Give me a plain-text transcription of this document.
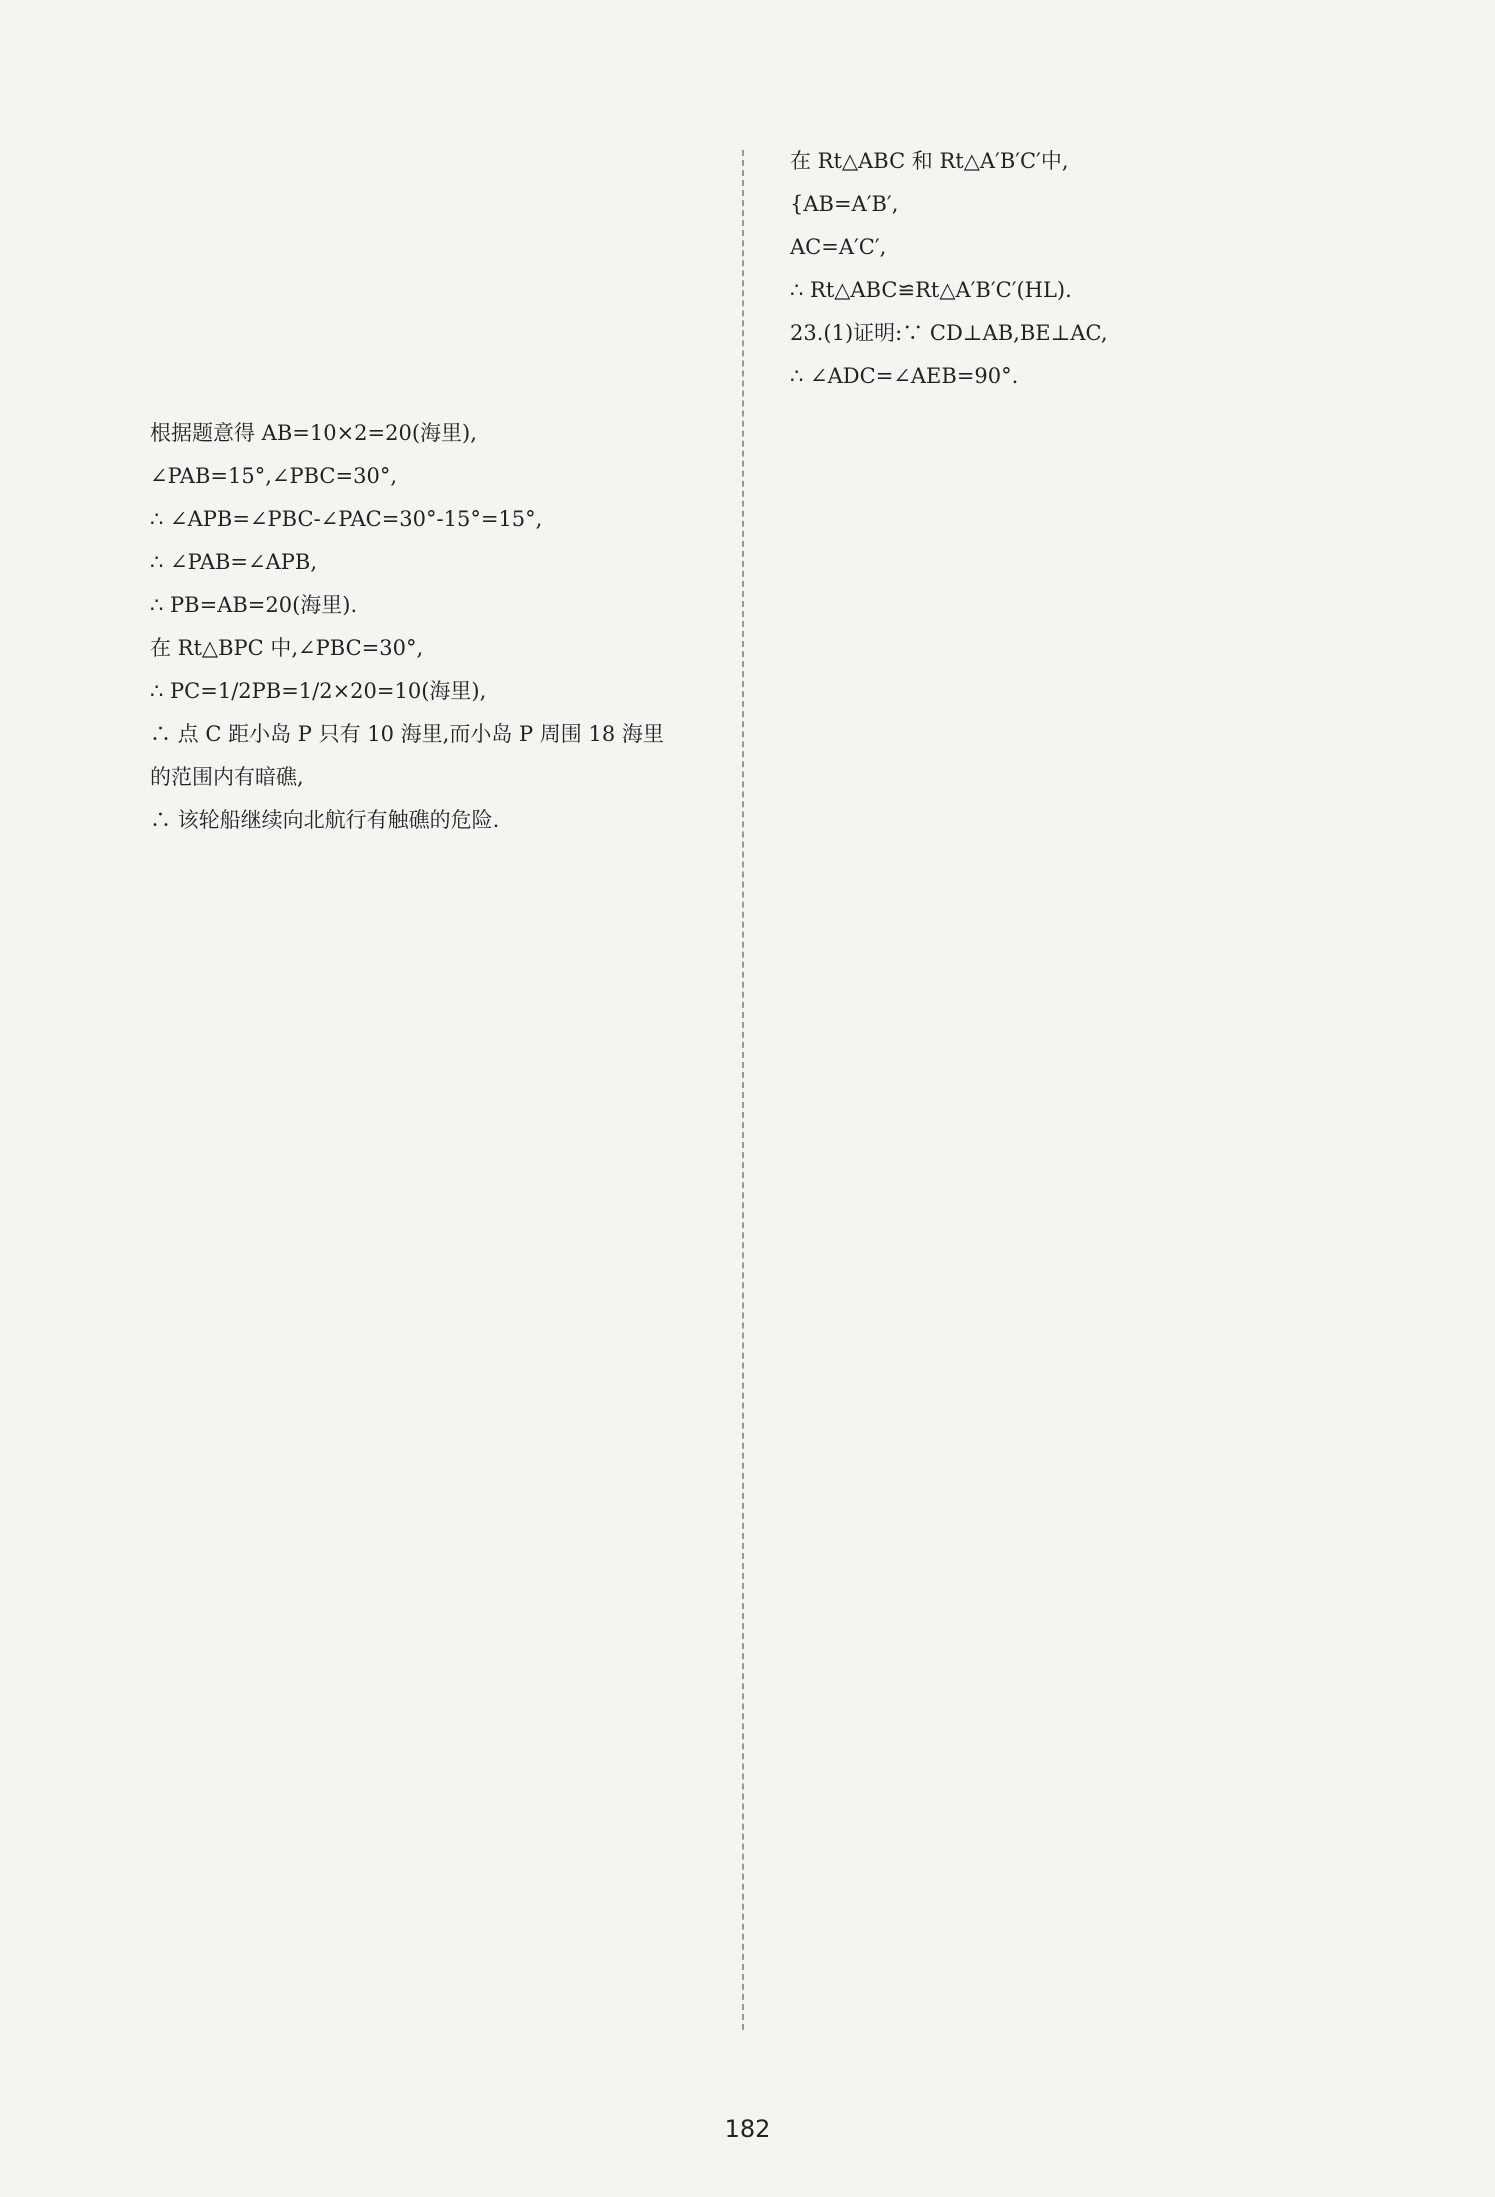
根据题意得 AB=10×2=20(海里),
∠PAB=15°,∠PBC=30°,
∴ ∠APB=∠PBC-∠PAC=30°-15°=15°,
∴ ∠PAB=∠APB,
∴ PB=AB=20(海里).
在 Rt△BPC 中,∠PBC=30°,
∴ PC=1/2PB=1/2×20=10(海里),
∴ 点 C 距小岛 P 只有 10 海里,而小岛 P 周围 18 海里
的范围内有暗礁,
∴ 该轮船继续向北航行有触礁的危险.
在 Rt△ABC 和 Rt△A′B′C′中,
{AB=A′B′,
AC=A′C′,
∴ Rt△ABC≌Rt△A′B′C′(HL).
23.(1)证明:∵ CD⊥AB,BE⊥AC,
∴ ∠ADC=∠AEB=90°.
182
